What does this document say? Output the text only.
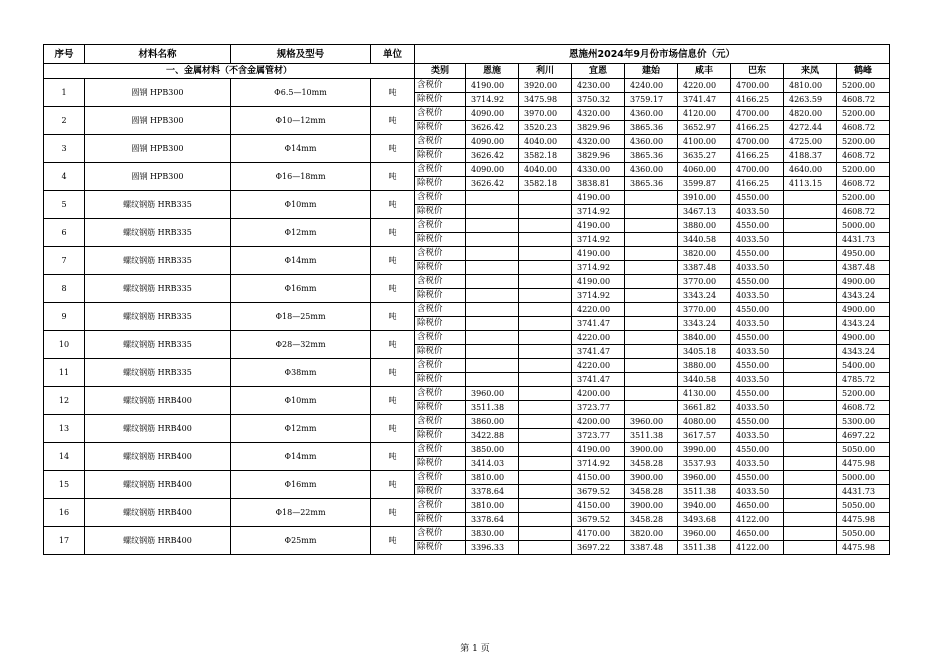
序号	材料名称	规格及型号	单位	恩施州2024年9月份市场信息价（元）								
一、金属材料（不含金属管材）				类别	恩施	利川	宜恩	建始	咸丰	巴东	来凤	鹤峰
1	圆钢 HPB300	Φ6.5—10mm	吨	含税价	4190.00	3920.00	4230.00	4240.00	4220.00	4700.00	4810.00	5200.00
				除税价	3714.92	3475.98	3750.32	3759.17	3741.47	4166.25	4263.59	4608.72
2	圆钢 HPB300	Φ10—12mm	吨	含税价	4090.00	3970.00	4320.00	4360.00	4120.00	4700.00	4820.00	5200.00
				除税价	3626.42	3520.23	3829.96	3865.36	3652.97	4166.25	4272.44	4608.72
3	圆钢 HPB300	Φ14mm	吨	含税价	4090.00	4040.00	4320.00	4360.00	4100.00	4700.00	4725.00	5200.00
				除税价	3626.42	3582.18	3829.96	3865.36	3635.27	4166.25	4188.37	4608.72
4	圆钢 HPB300	Φ16—18mm	吨	含税价	4090.00	4040.00	4330.00	4360.00	4060.00	4700.00	4640.00	5200.00
				除税价	3626.42	3582.18	3838.81	3865.36	3599.87	4166.25	4113.15	4608.72
5	螺纹钢筋 HRB335	Φ10mm	吨	含税价			4190.00		3910.00	4550.00		5200.00
				除税价			3714.92		3467.13	4033.50		4608.72
6	螺纹钢筋 HRB335	Φ12mm	吨	含税价			4190.00		3880.00	4550.00		5000.00
				除税价			3714.92		3440.58	4033.50		4431.73
7	螺纹钢筋 HRB335	Φ14mm	吨	含税价			4190.00		3820.00	4550.00		4950.00
				除税价			3714.92		3387.48	4033.50		4387.48
8	螺纹钢筋 HRB335	Φ16mm	吨	含税价			4190.00		3770.00	4550.00		4900.00
				除税价			3714.92		3343.24	4033.50		4343.24
9	螺纹钢筋 HRB335	Φ18—25mm	吨	含税价			4220.00		3770.00	4550.00		4900.00
				除税价			3741.47		3343.24	4033.50		4343.24
10	螺纹钢筋 HRB335	Φ28—32mm	吨	含税价			4220.00		3840.00	4550.00		4900.00
				除税价			3741.47		3405.18	4033.50		4343.24
11	螺纹钢筋 HRB335	Φ38mm	吨	含税价			4220.00		3880.00	4550.00		5400.00
				除税价			3741.47		3440.58	4033.50		4785.72
12	螺纹钢筋 HRB400	Φ10mm	吨	含税价	3960.00		4200.00		4130.00	4550.00		5200.00
				除税价	3511.38		3723.77		3661.82	4033.50		4608.72
13	螺纹钢筋 HRB400	Φ12mm	吨	含税价	3860.00		4200.00	3960.00	4080.00	4550.00		5300.00
				除税价	3422.88		3723.77	3511.38	3617.57	4033.50		4697.22
14	螺纹钢筋 HRB400	Φ14mm	吨	含税价	3850.00		4190.00	3900.00	3990.00	4550.00		5050.00
				除税价	3414.03		3714.92	3458.28	3537.93	4033.50		4475.98
15	螺纹钢筋 HRB400	Φ16mm	吨	含税价	3810.00		4150.00	3900.00	3960.00	4550.00		5000.00
				除税价	3378.64		3679.52	3458.28	3511.38	4033.50		4431.73
16	螺纹钢筋 HRB400	Φ18—22mm	吨	含税价	3810.00		4150.00	3900.00	3940.00	4650.00		5050.00
				除税价	3378.64		3679.52	3458.28	3493.68	4122.00		4475.98
17	螺纹钢筋 HRB400	Φ25mm	吨	含税价	3830.00		4170.00	3820.00	3960.00	4650.00		5050.00
				除税价	3396.33		3697.22	3387.48	3511.38	4122.00		4475.98
第 1 页
